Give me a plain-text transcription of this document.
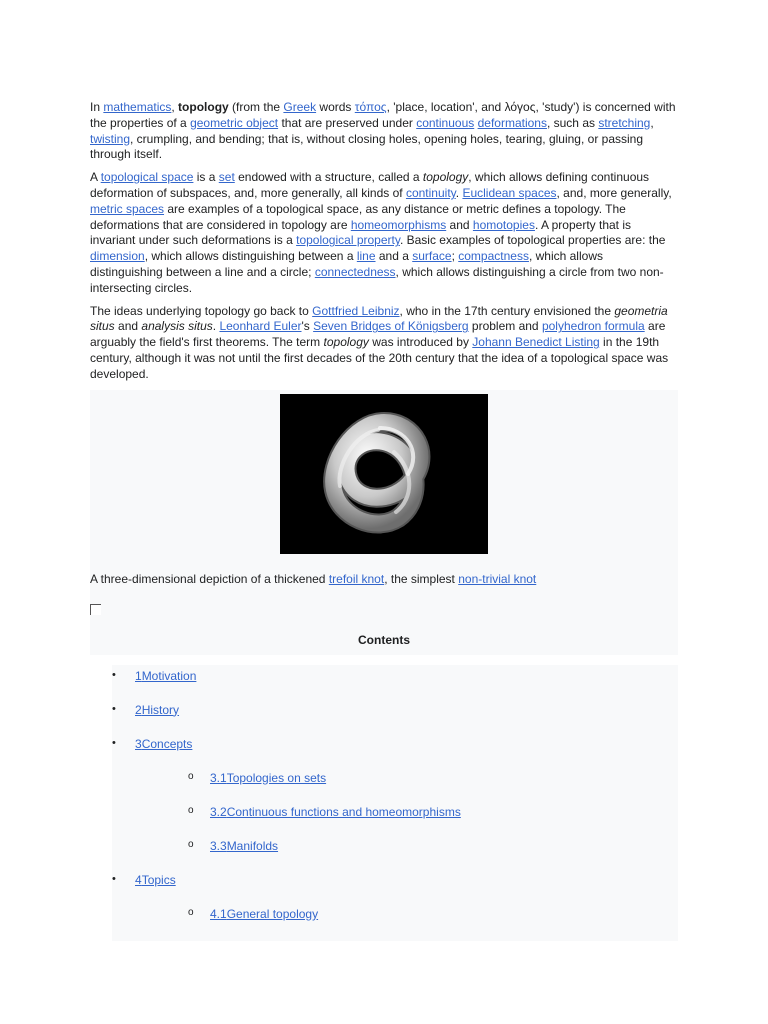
In mathematics, topology (from the Greek words τόπος, 'place, location', and λόγος, 'study') is concerned with the properties of a geometric object that are preserved under continuous deformations, such as stretching, twisting, crumpling, and bending; that is, without closing holes, opening holes, tearing, gluing, or passing through itself.

A topological space is a set endowed with a structure, called a topology, which allows defining continuous deformation of subspaces, and, more generally, all kinds of continuity. Euclidean spaces, and, more generally, metric spaces are examples of a topological space, as any distance or metric defines a topology. The deformations that are considered in topology are homeomorphisms and homotopies. A property that is invariant under such deformations is a topological property. Basic examples of topological properties are: the dimension, which allows distinguishing between a line and a surface; compactness, which allows distinguishing between a line and a circle; connectedness, which allows distinguishing a circle from two non-intersecting circles.

The ideas underlying topology go back to Gottfried Leibniz, who in the 17th century envisioned the geometria situs and analysis situs. Leonhard Euler's Seven Bridges of Königsberg problem and polyhedron formula are arguably the field's first theorems. The term topology was introduced by Johann Benedict Listing in the 19th century, although it was not until the first decades of the 20th century that the idea of a topological space was developed.

A three-dimensional depiction of a thickened trefoil knot, the simplest non-trivial knot

Contents
• 1Motivation
• 2History
• 3Concepts
o 3.1Topologies on sets
o 3.2Continuous functions and homeomorphisms
o 3.3Manifolds
• 4Topics
o 4.1General topology
